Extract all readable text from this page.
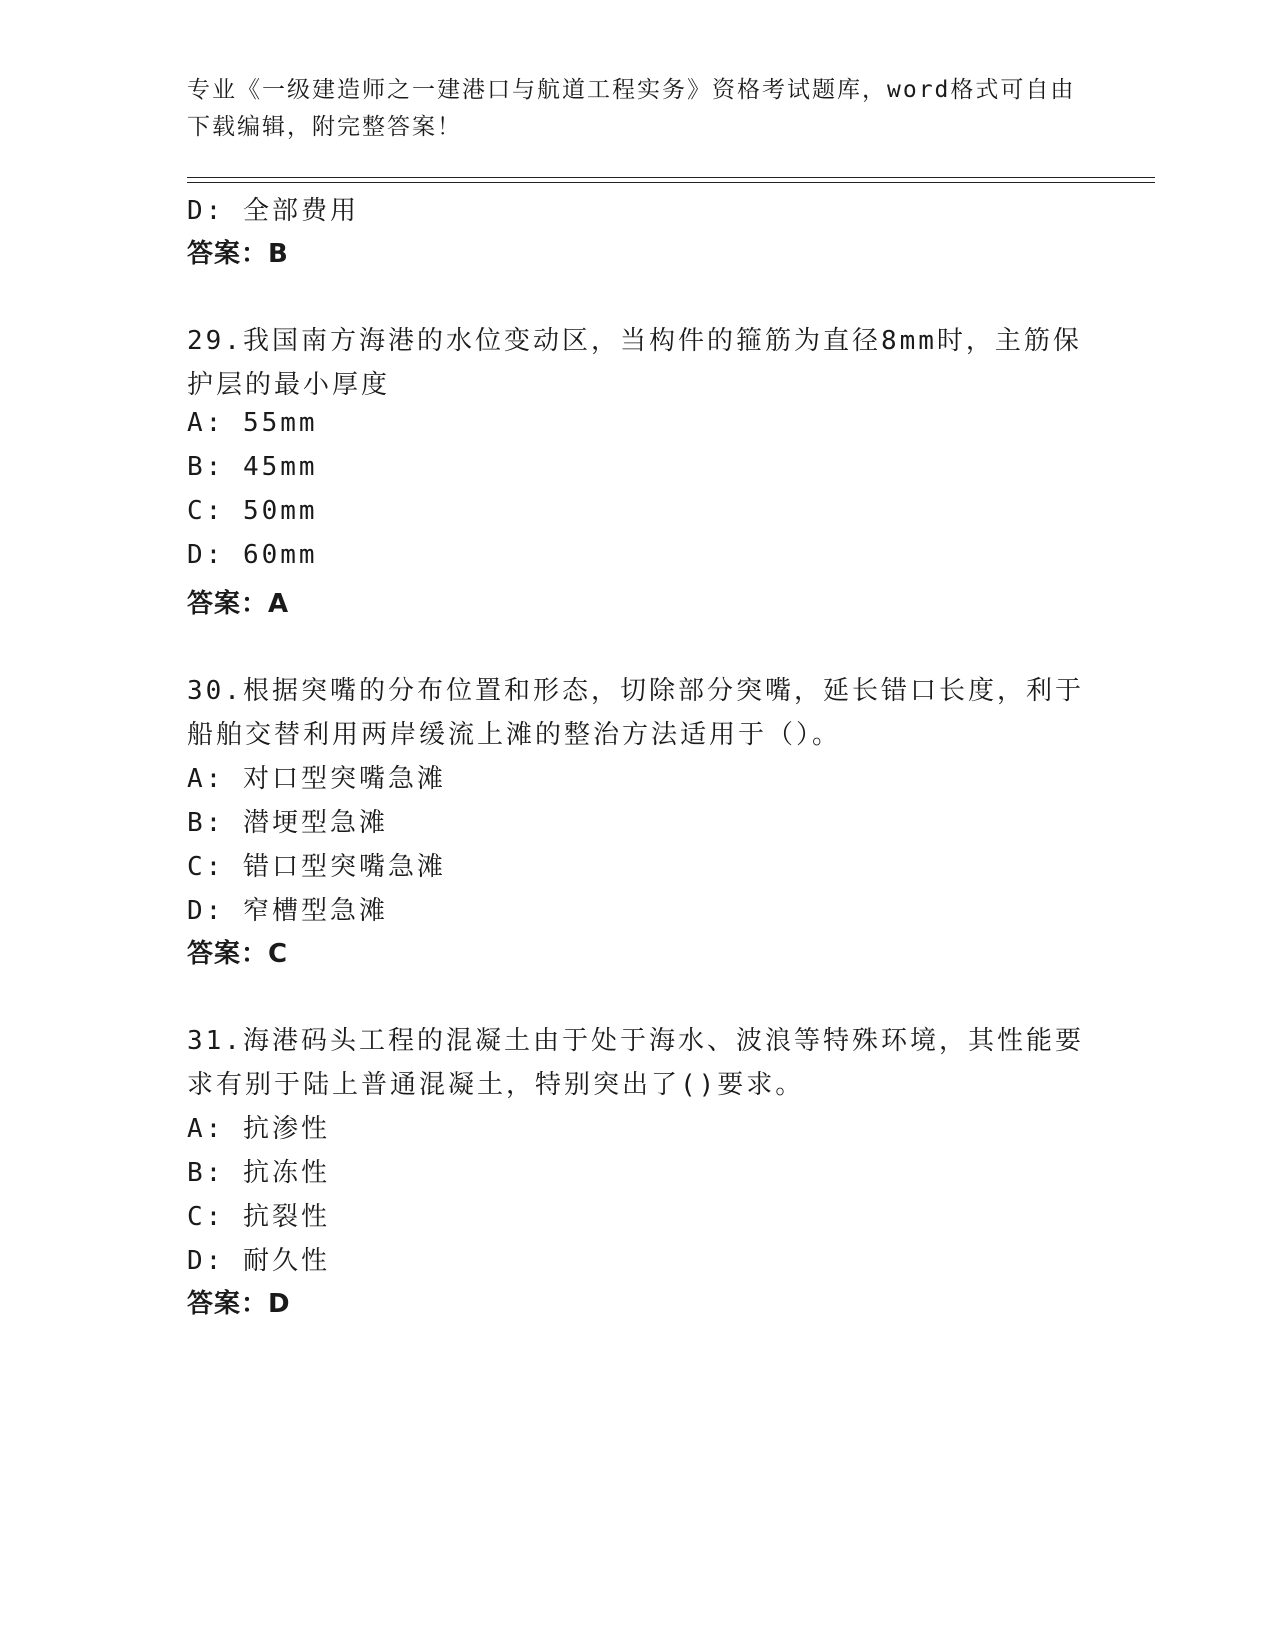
专业《一级建造师之一建港口与航道工程实务》资格考试题库，word格式可自由
下载编辑，附完整答案！
D: 全部费用
答案：B
29.我国南方海港的水位变动区，当构件的箍筋为直径8mm时，主筋保
护层的最小厚度
A: 55mm
B: 45mm
C: 50mm
D: 60mm
答案：A
30.根据突嘴的分布位置和形态，切除部分突嘴，延长错口长度，利于
船舶交替利用两岸缓流上滩的整治方法适用于（）。
A: 对口型突嘴急滩
B: 潜埂型急滩
C: 错口型突嘴急滩
D: 窄槽型急滩
答案：C
31.海港码头工程的混凝土由于处于海水、波浪等特殊环境，其性能要
求有别于陆上普通混凝土，特别突出了()要求。
A: 抗渗性
B: 抗冻性
C: 抗裂性
D: 耐久性
答案：D
